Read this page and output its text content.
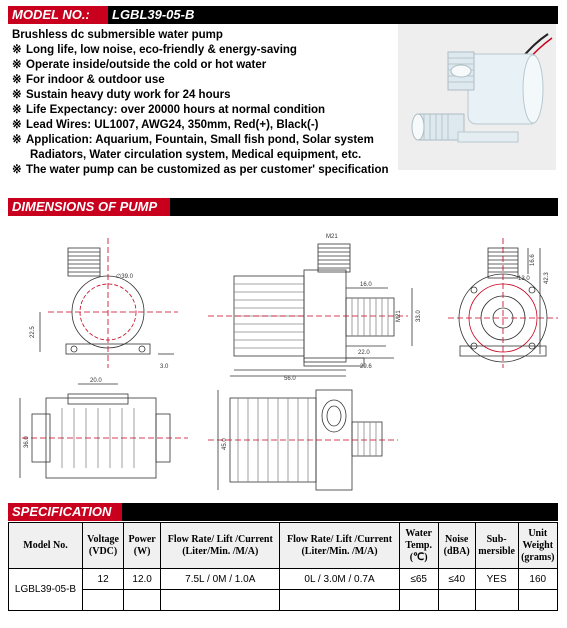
MODEL NO.: LGBL39-05-B
Brushless dc submersible water pump
※ Long life, low noise, eco-friendly & energy-saving
※ Operate inside/outside the cold or hot water
※ For indoor & outdoor use
※ Sustain heavy duty work for 24 hours
※ Life Expectancy: over 20000 hours at normal condition
※ Lead Wires: UL1007, AWG24, 350mm, Red(+), Black(-)
※ Application: Aquarium, Fountain, Small fish pond, Solar system
Radiators, Water circulation system, Medical equipment, etc.
※ The water pump can be customized as per customer' specification
DIMENSIONS OF PUMP
∅39.0
22.5
3.0
M21
56.0
29.6
22.0
16.0
M21 33.0
16.6
42.3
13.0
20.0
36.0	45.0
SPECIFICATION
Model No.	Voltage (VDC)	Power (W)	Flow Rate/ Lift /Current (Liter/Min. /M/A)	Flow Rate/ Lift /Current (Liter/Min. /M/A)	Water Temp. (℃)	Noise (dBA)	Sub-mersible	Unit Weight (grams)
LGBL39-05-B	12	12.0	7.5L / 0M / 1.0A	0L / 3.0M / 0.7A	≤65	≤40	YES	160
